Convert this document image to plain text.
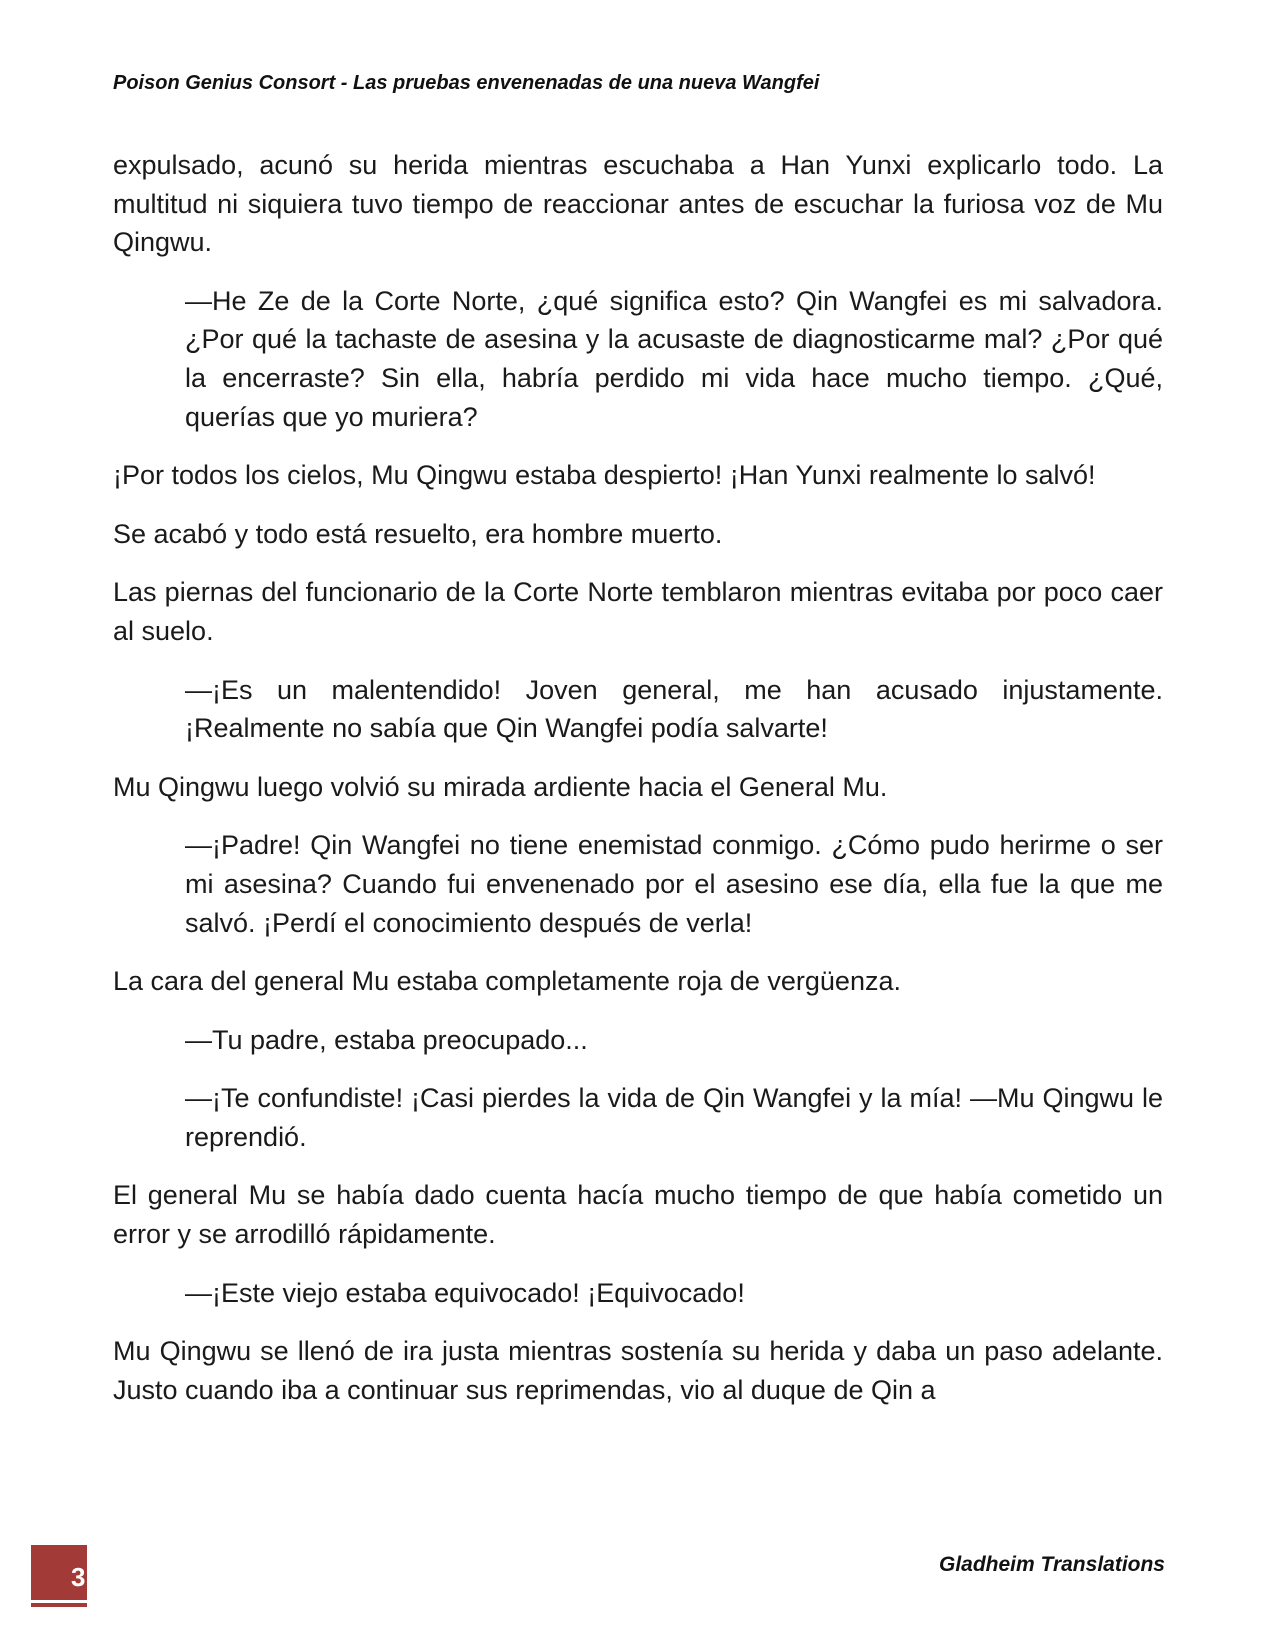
Poison Genius Consort - Las pruebas envenenadas de una nueva Wangfei

expulsado, acunó su herida mientras escuchaba a Han Yunxi explicarlo todo. La multitud ni siquiera tuvo tiempo de reaccionar antes de escuchar la furiosa voz de Mu Qingwu.

—He Ze de la Corte Norte, ¿qué significa esto? Qin Wangfei es mi salvadora. ¿Por qué la tachaste de asesina y la acusaste de diagnosticarme mal? ¿Por qué la encerraste? Sin ella, habría perdido mi vida hace mucho tiempo. ¿Qué, querías que yo muriera?

¡Por todos los cielos, Mu Qingwu estaba despierto! ¡Han Yunxi realmente lo salvó!

Se acabó y todo está resuelto, era hombre muerto.

Las piernas del funcionario de la Corte Norte temblaron mientras evitaba por poco caer al suelo.

—¡Es un malentendido! Joven general, me han acusado injustamente. ¡Realmente no sabía que Qin Wangfei podía salvarte!

Mu Qingwu luego volvió su mirada ardiente hacia el General Mu.

—¡Padre! Qin Wangfei no tiene enemistad conmigo. ¿Cómo pudo herirme o ser mi asesina? Cuando fui envenenado por el asesino ese día, ella fue la que me salvó. ¡Perdí el conocimiento después de verla!

La cara del general Mu estaba completamente roja de vergüenza.

—Tu padre, estaba preocupado...

—¡Te confundiste! ¡Casi pierdes la vida de Qin Wangfei y la mía! —Mu Qingwu le reprendió.

El general Mu se había dado cuenta hacía mucho tiempo de que había cometido un error y se arrodilló rápidamente.

—¡Este viejo estaba equivocado! ¡Equivocado!

Mu Qingwu se llenó de ira justa mientras sostenía su herida y daba un paso adelante. Justo cuando iba a continuar sus reprimendas, vio al duque de Qin a

3	Gladheim Translations
